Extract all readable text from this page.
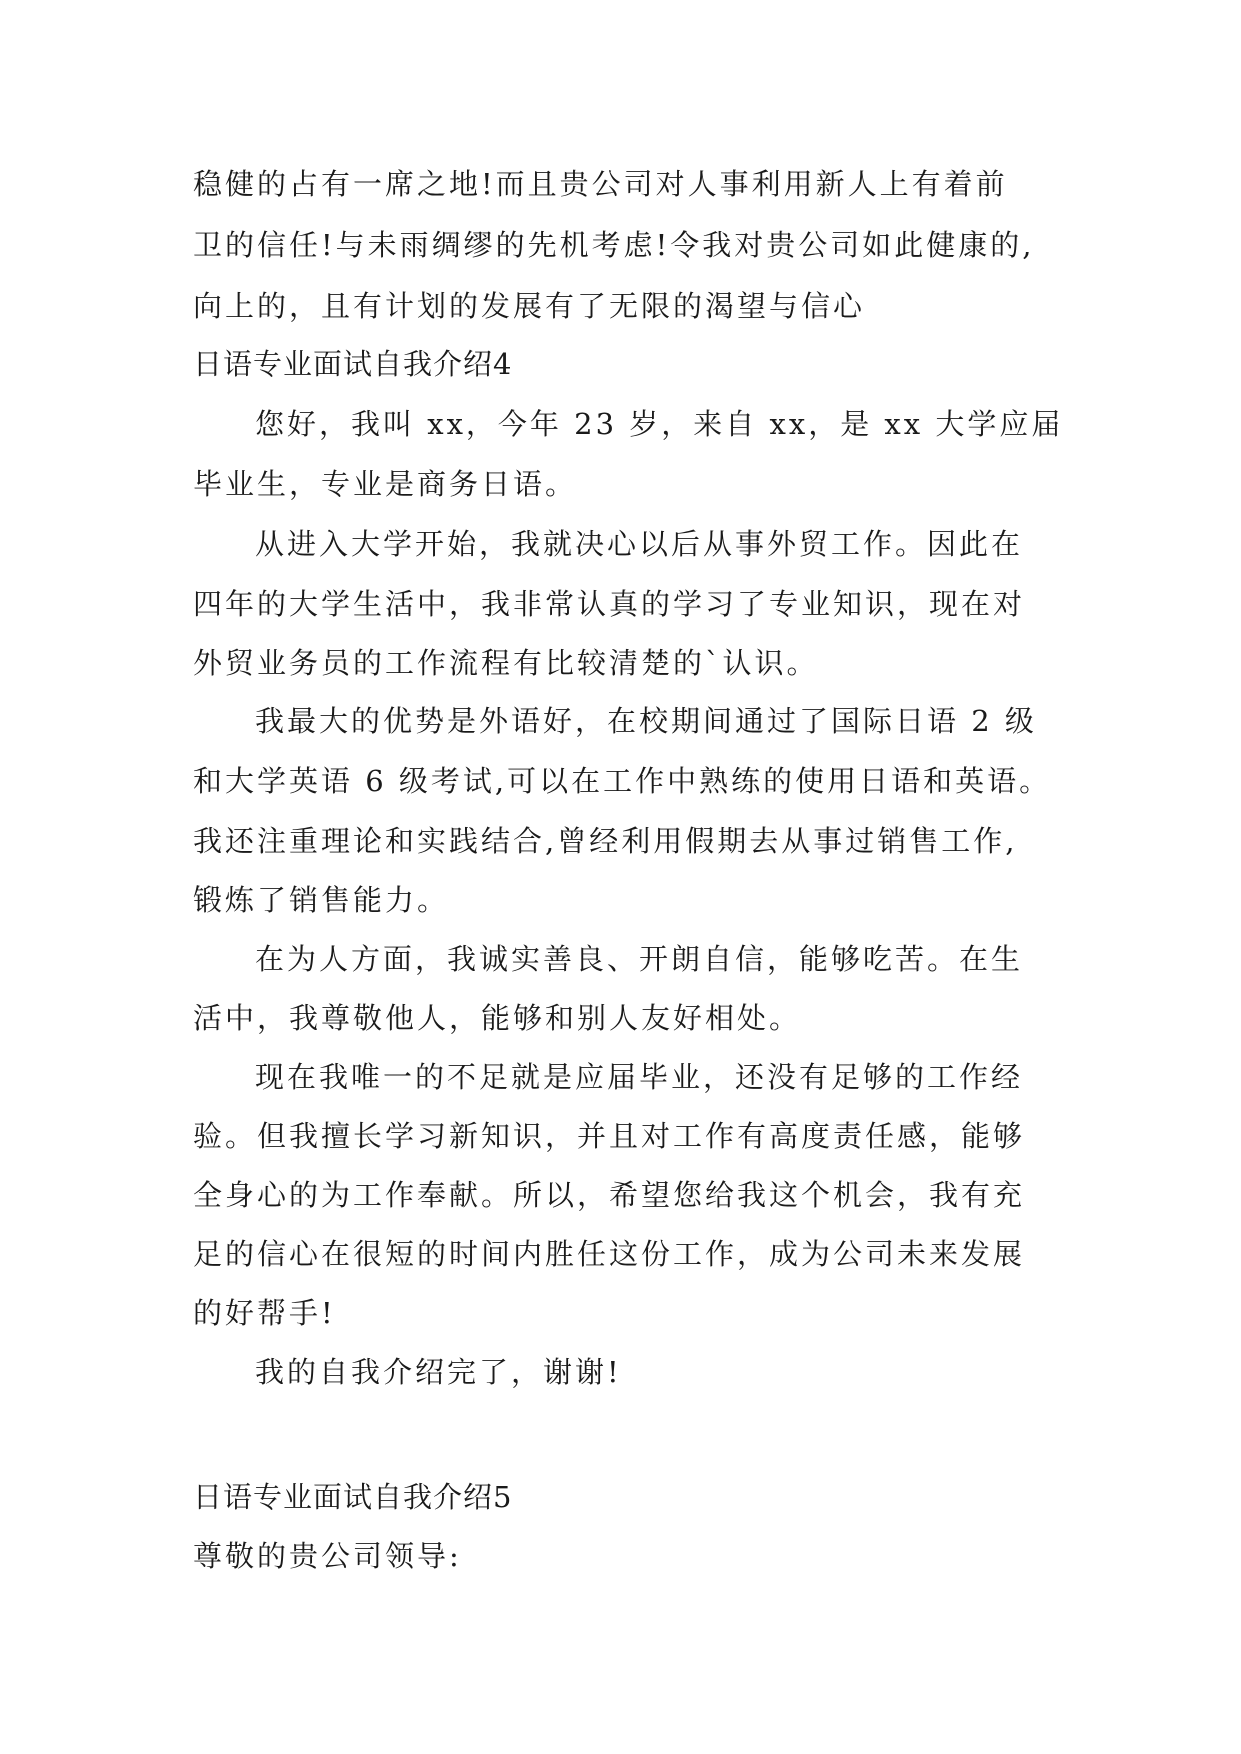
稳健的占有一席之地!而且贵公司对人事利用新人上有着前
卫的信任!与未雨绸缪的先机考虑!令我对贵公司如此健康的,
向上的，且有计划的发展有了无限的渴望与信心
日语专业面试自我介绍4
您好，我叫 xx，今年 23 岁，来自 xx，是 xx 大学应届
毕业生，专业是商务日语。
从进入大学开始，我就决心以后从事外贸工作。因此在
四年的大学生活中，我非常认真的学习了专业知识，现在对
外贸业务员的工作流程有比较清楚的`认识。
我最大的优势是外语好，在校期间通过了国际日语 2 级
和大学英语 6 级考试,可以在工作中熟练的使用日语和英语。
我还注重理论和实践结合,曾经利用假期去从事过销售工作,
锻炼了销售能力。
在为人方面，我诚实善良、开朗自信，能够吃苦。在生
活中，我尊敬他人，能够和别人友好相处。
现在我唯一的不足就是应届毕业，还没有足够的工作经
验。但我擅长学习新知识，并且对工作有高度责任感，能够
全身心的为工作奉献。所以，希望您给我这个机会，我有充
足的信心在很短的时间内胜任这份工作，成为公司未来发展
的好帮手!
我的自我介绍完了，谢谢!
日语专业面试自我介绍5
尊敬的贵公司领导:
